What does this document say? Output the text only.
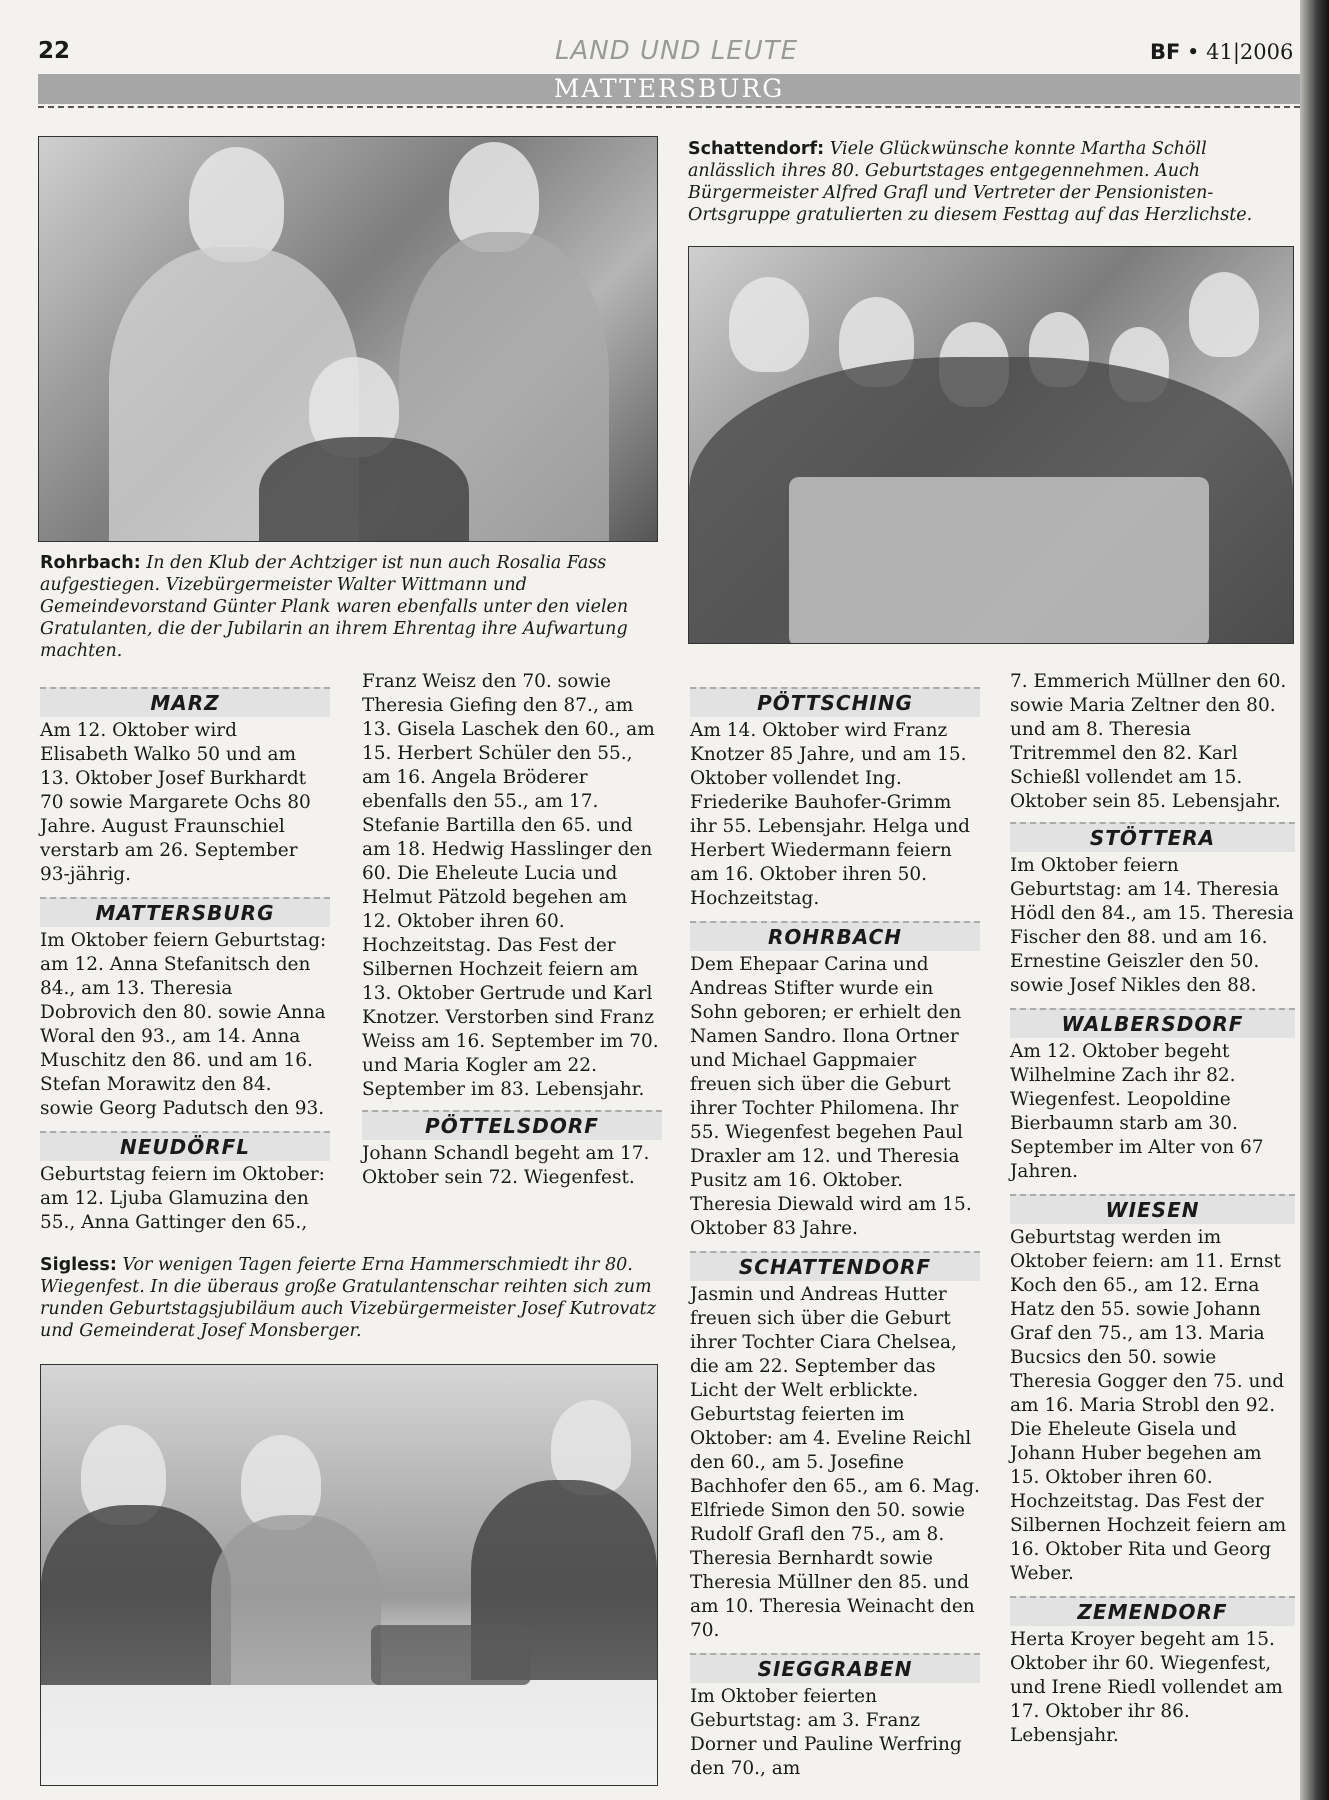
22	LAND UND LEUTE	BF • 41|2006
MATTERSBURG
Rohrbach: In den Klub der Achtziger ist nun auch Rosalia Fass aufgestiegen. Vizebürgermeister Walter Wittmann und Gemeindevorstand Günter Plank waren ebenfalls unter den vielen Gratulanten, die der Jubilarin an ihrem Ehrentag ihre Aufwartung machten.
Schattendorf: Viele Glückwünsche konnte Martha Schöll anlässlich ihres 80. Geburtstages entgegennehmen. Auch Bürgermeister Alfred Grafl und Vertreter der Pensionisten-Ortsgruppe gratulierten zu diesem Festtag auf das Herzlichste.
Sigless: Vor wenigen Tagen feierte Erna Hammerschmiedt ihr 80. Wiegenfest. In die überaus große Gratulantenschar reihten sich zum runden Geburtstagsjubiläum auch Vizebürgermeister Josef Kutrovatz und Gemeinderat Josef Monsberger.
MARZ

Am 12. Oktober wird Elisabeth Walko 50 und am 13. Oktober Josef Burkhardt 70 sowie Margarete Ochs 80 Jahre. August Fraunschiel verstarb am 26. September 93-jährig.

MATTERSBURG

Im Oktober feiern Geburtstag: am 12. Anna Stefanitsch den 84., am 13. Theresia Dobrovich den 80. sowie Anna Woral den 93., am 14. Anna Muschitz den 86. und am 16. Stefan Morawitz den 84. sowie Georg Padutsch den 93.

NEUDÖRFL

Geburtstag feiern im Oktober: am 12. Ljuba Glamuzina den 55., Anna Gattinger den 65.,

Franz Weisz den 70. sowie Theresia Giefing den 87., am 13. Gisela Laschek den 60., am 15. Herbert Schüler den 55., am 16. Angela Bröderer ebenfalls den 55., am 17. Stefanie Bartilla den 65. und am 18. Hedwig Hasslinger den 60. Die Eheleute Lucia und Helmut Pätzold begehen am 12. Oktober ihren 60. Hochzeitstag. Das Fest der Silbernen Hochzeit feiern am 13. Oktober Gertrude und Karl Knotzer. Verstorben sind Franz Weiss am 16. September im 70. und Maria Kogler am 22. September im 83. Lebensjahr.

PÖTTELSDORF

Johann Schandl begeht am 17. Oktober sein 72. Wiegenfest.

PÖTTSCHING

Am 14. Oktober wird Franz Knotzer 85 Jahre, und am 15. Oktober vollendet Ing. Friederike Bauhofer-Grimm ihr 55. Lebensjahr. Helga und Herbert Wiedermann feiern am 16. Oktober ihren 50. Hochzeitstag.

ROHRBACH

Dem Ehepaar Carina und Andreas Stifter wurde ein Sohn geboren; er erhielt den Namen Sandro. Ilona Ortner und Michael Gappmaier freuen sich über die Geburt ihrer Tochter Philomena. Ihr 55. Wiegenfest begehen Paul Draxler am 12. und Theresia Pusitz am 16. Oktober. Theresia Diewald wird am 15. Oktober 83 Jahre.

SCHATTENDORF

Jasmin und Andreas Hutter freuen sich über die Geburt ihrer Tochter Ciara Chelsea, die am 22. September das Licht der Welt erblickte. Geburtstag feierten im Oktober: am 4. Eveline Reichl den 60., am 5. Josefine Bachhofer den 65., am 6. Mag. Elfriede Simon den 50. sowie Rudolf Grafl den 75., am 8. Theresia Bernhardt sowie Theresia Müllner den 85. und am 10. Theresia Weinacht den 70.

SIEGGRABEN

Im Oktober feierten Geburtstag: am 3. Franz Dorner und Pauline Werfring den 70., am

7. Emmerich Müllner den 60. sowie Maria Zeltner den 80. und am 8. Theresia Tritremmel den 82. Karl Schießl vollendet am 15. Oktober sein 85. Lebensjahr.

STÖTTERA

Im Oktober feiern Geburtstag: am 14. Theresia Hödl den 84., am 15. Theresia Fischer den 88. und am 16. Ernestine Geiszler den 50. sowie Josef Nikles den 88.

WALBERSDORF

Am 12. Oktober begeht Wilhelmine Zach ihr 82. Wiegenfest. Leopoldine Bierbaumn starb am 30. September im Alter von 67 Jahren.

WIESEN

Geburtstag werden im Oktober feiern: am 11. Ernst Koch den 65., am 12. Erna Hatz den 55. sowie Johann Graf den 75., am 13. Maria Bucsics den 50. sowie Theresia Gogger den 75. und am 16. Maria Strobl den 92. Die Eheleute Gisela und Johann Huber begehen am 15. Oktober ihren 60. Hochzeitstag. Das Fest der Silbernen Hochzeit feiern am 16. Oktober Rita und Georg Weber.

ZEMENDORF

Herta Kroyer begeht am 15. Oktober ihr 60. Wiegenfest, und Irene Riedl vollendet am 17. Oktober ihr 86. Lebensjahr.
